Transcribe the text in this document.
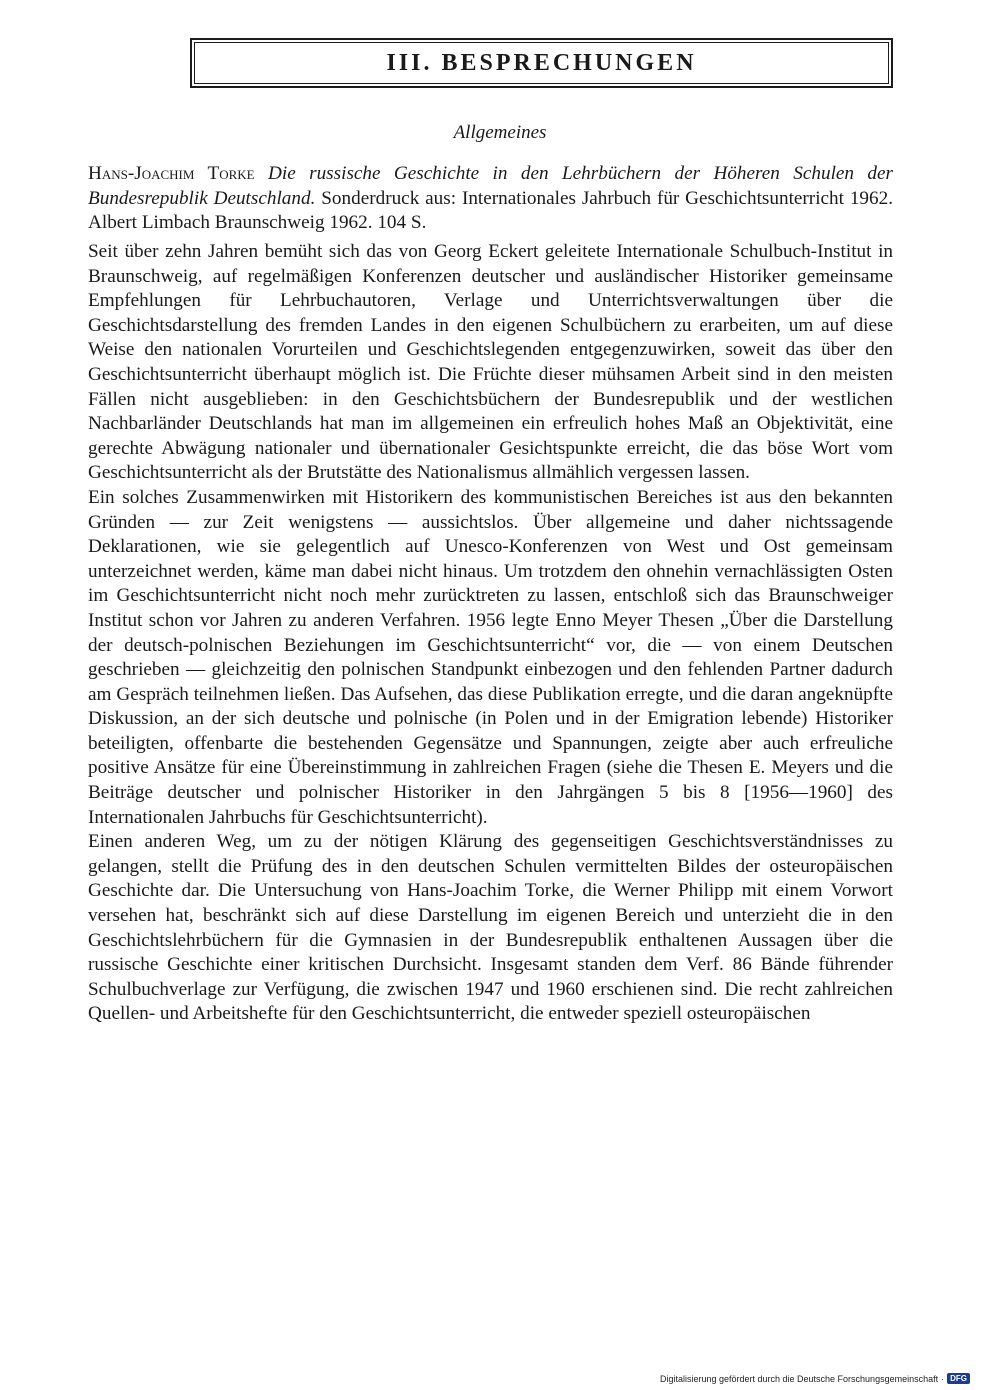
III. BESPRECHUNGEN
Allgemeines
Hans-Joachim Torke Die russische Geschichte in den Lehrbüchern der Höheren Schulen der Bundesrepublik Deutschland. Sonderdruck aus: Internationales Jahrbuch für Geschichtsunterricht 1962. Albert Limbach Braunschweig 1962. 104 S.

Seit über zehn Jahren bemüht sich das von Georg Eckert geleitete Internationale Schulbuch-Institut in Braunschweig, auf regelmäßigen Konferenzen deutscher und ausländischer Historiker gemeinsame Empfehlungen für Lehrbuchautoren, Verlage und Unterrichtsverwaltungen über die Geschichtsdarstellung des fremden Landes in den eigenen Schulbüchern zu erarbeiten, um auf diese Weise den nationalen Vorurteilen und Geschichtslegenden entgegenzuwirken, soweit das über den Geschichtsunterricht überhaupt möglich ist. Die Früchte dieser mühsamen Arbeit sind in den meisten Fällen nicht ausgeblieben: in den Geschichtsbüchern der Bundesrepublik und der westlichen Nachbarländer Deutschlands hat man im allgemeinen ein erfreulich hohes Maß an Objektivität, eine gerechte Abwägung nationaler und übernationaler Gesichtspunkte erreicht, die das böse Wort vom Geschichtsunterricht als der Brutstätte des Nationalismus allmählich vergessen lassen.

Ein solches Zusammenwirken mit Historikern des kommunistischen Bereiches ist aus den bekannten Gründen — zur Zeit wenigstens — aussichtslos. Über allgemeine und daher nichtssagende Deklarationen, wie sie gelegentlich auf Unesco-Konferenzen von West und Ost gemeinsam unterzeichnet werden, käme man dabei nicht hinaus. Um trotzdem den ohnehin vernachlässigten Osten im Geschichtsunterricht nicht noch mehr zurücktreten zu lassen, entschloß sich das Braunschweiger Institut schon vor Jahren zu anderen Verfahren. 1956 legte Enno Meyer Thesen „Über die Darstellung der deutsch-polnischen Beziehungen im Geschichtsunterricht“ vor, die — von einem Deutschen geschrieben — gleichzeitig den polnischen Standpunkt einbezogen und den fehlenden Partner dadurch am Gespräch teilnehmen ließen. Das Aufsehen, das diese Publikation erregte, und die daran angeknüpfte Diskussion, an der sich deutsche und polnische (in Polen und in der Emigration lebende) Historiker beteiligten, offenbarte die bestehenden Gegensätze und Spannungen, zeigte aber auch erfreuliche positive Ansätze für eine Übereinstimmung in zahlreichen Fragen (siehe die Thesen E. Meyers und die Beiträge deutscher und polnischer Historiker in den Jahrgängen 5 bis 8 [1956—1960] des Internationalen Jahrbuchs für Geschichtsunterricht).

Einen anderen Weg, um zu der nötigen Klärung des gegenseitigen Geschichtsverständnisses zu gelangen, stellt die Prüfung des in den deutschen Schulen vermittelten Bildes der osteuropäischen Geschichte dar. Die Untersuchung von Hans-Joachim Torke, die Werner Philipp mit einem Vorwort versehen hat, beschränkt sich auf diese Darstellung im eigenen Bereich und unterzieht die in den Geschichtslehrbüchern für die Gymnasien in der Bundesrepublik enthaltenen Aussagen über die russische Geschichte einer kritischen Durchsicht. Insgesamt standen dem Verf. 86 Bände führender Schulbuchverlage zur Verfügung, die zwischen 1947 und 1960 erschienen sind. Die recht zahlreichen Quellen- und Arbeitshefte für den Geschichtsunterricht, die entweder speziell osteuropäischen

Digitalisierung gefördert durch die Deutsche Forschungsgemeinschaft · DFG
